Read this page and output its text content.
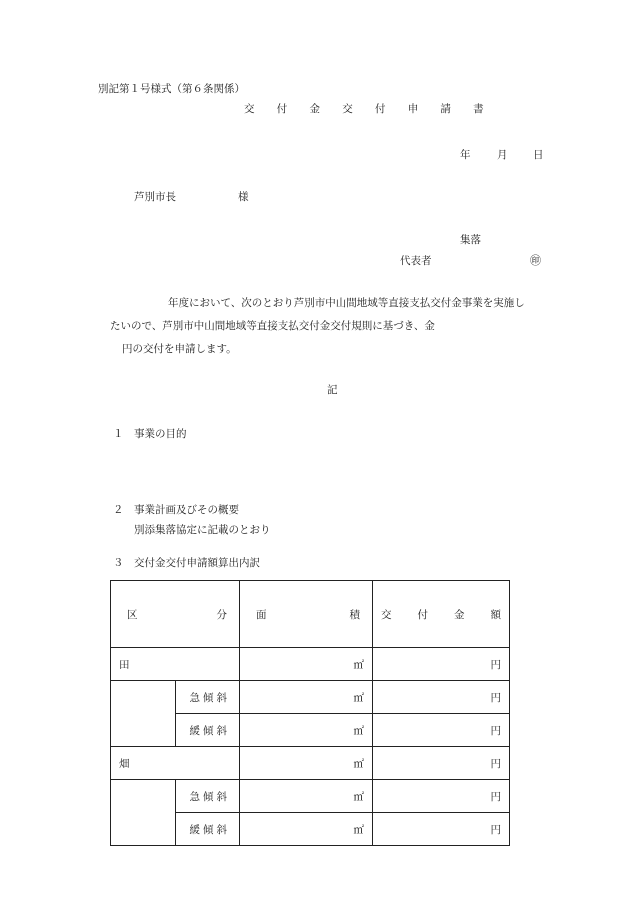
別記第１号様式（第６条関係）
交 付 金 交 付 申 請 書
年	月 日
芦別市長	様
集落
代表者	㊞
年度において、次のとおり芦別市中山間地域等直接支払交付金事業を実施し
たいので、芦別市中山間地域等直接支払交付金交付規則に基づき、金
円の交付を申請します。
記
１ 事業の目的
２ 事業計画及びその概要
別添集落協定に記載のとおり
３ 交付金交付申請額算出内訳
区 分		面 積	交 付 金 額

田		㎡	円

	急 傾 斜	㎡	円

	緩 傾 斜	㎡	円
畑		㎡	円

	急 傾 斜	㎡	円

	緩 傾 斜	㎡	円
